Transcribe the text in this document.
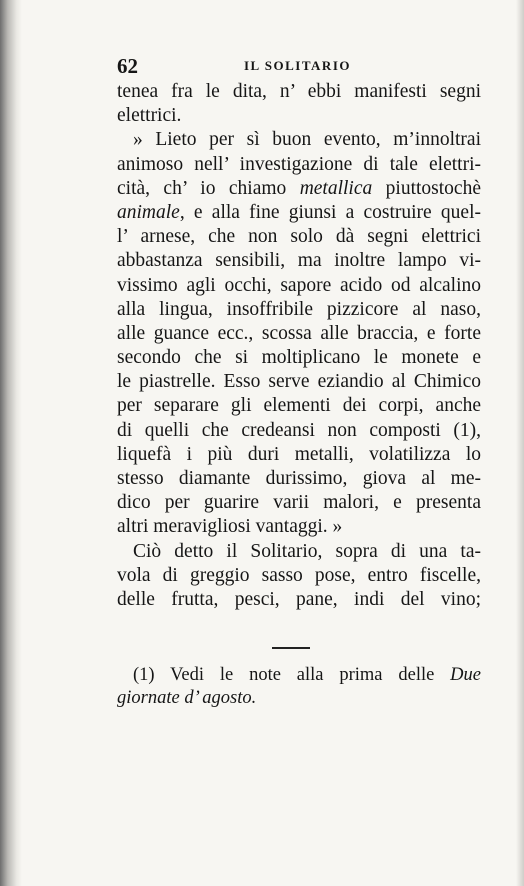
62	IL SOLITARIO
tenea fra le dita, n’ ebbi manifesti segni
elettrici.
» Lieto per sì buon evento, m’innoltrai
animoso nell’ investigazione di tale elettri-
cità, ch’ io chiamo metallica piuttostochè
animale, e alla fine giunsi a costruire quel-
l’ arnese, che non solo dà segni elettrici
abbastanza sensibili, ma inoltre lampo vi-
vissimo agli occhi, sapore acido od alcalino
alla lingua, insoffribile pizzicore al naso,
alle guance ecc., scossa alle braccia, e forte
secondo che si moltiplicano le monete e
le piastrelle. Esso serve eziandio al Chimico
per separare gli elementi dei corpi, anche
di quelli che credeansi non composti (1),
liquefà i più duri metalli, volatilizza lo
stesso diamante durissimo, giova al me-
dico per guarire varii malori, e presenta
altri meravigliosi vantaggi. »
Ciò detto il Solitario, sopra di una ta-
vola di greggio sasso pose, entro fiscelle,
delle frutta, pesci, pane, indi del vino;
(1) Vedi le note alla prima delle Due
giornate d’ agosto.
